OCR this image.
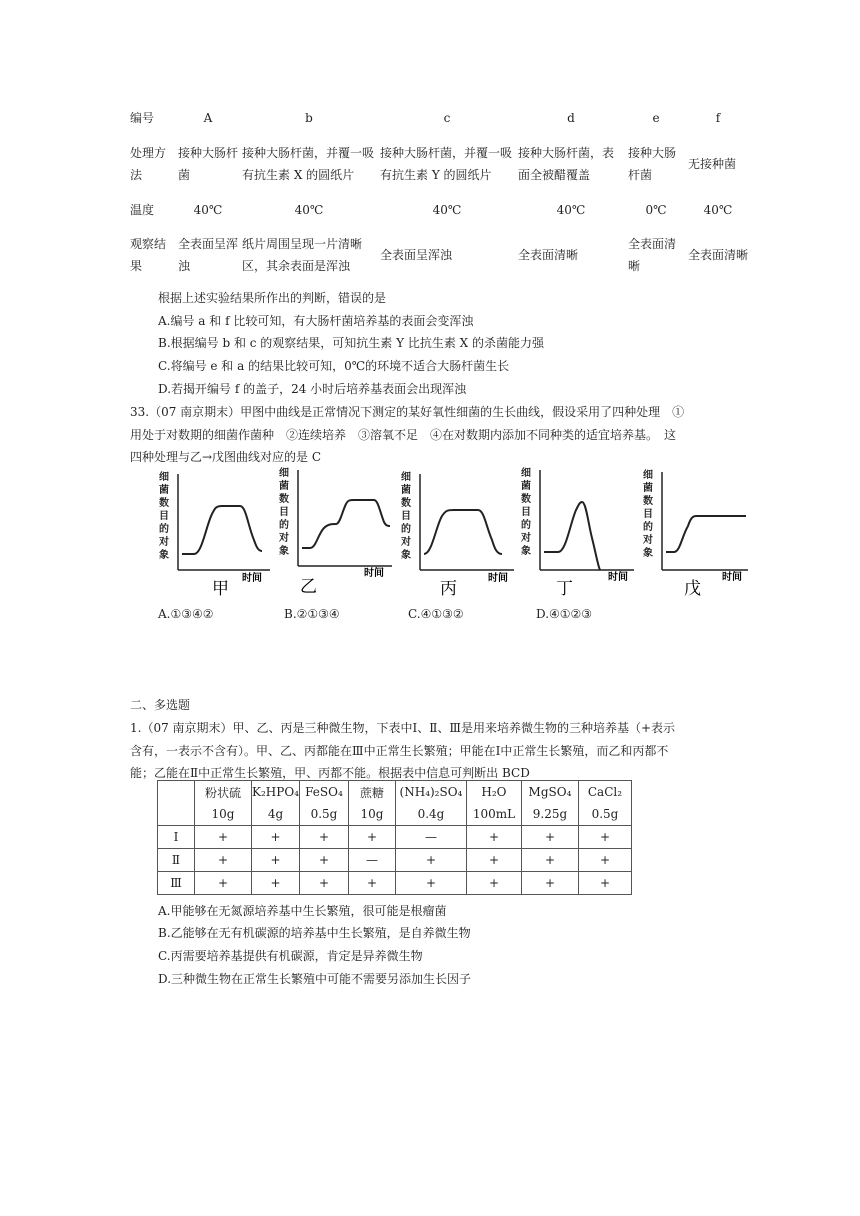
编号	A	b	c	d	e	f
处理方法	接种大肠杆菌	接种大肠杆菌，并覆一吸有抗生素 X 的圆纸片	接种大肠杆菌，并覆一吸有抗生素 Y 的圆纸片	接种大肠杆菌，表面全被醋覆盖	接种大肠杆菌	无接种菌
温度	40℃	40℃	40℃	40℃	0℃	40℃
观察结果	全表面呈浑浊	纸片周围呈现一片清晰区，其余表面是浑浊	全表面呈浑浊	全表面清晰	全表面清晰	全表面清晰
根据上述实验结果所作出的判断，错误的是
A.编号 a 和 f 比较可知，有大肠杆菌培养基的表面会变浑浊
B.根据编号 b 和 c 的观察结果，可知抗生素 Y 比抗生素 X 的杀菌能力强
C.将编号 e 和 a 的结果比较可知，0℃的环境不适合大肠杆菌生长
D.若揭开编号 f 的盖子，24 小时后培养基表面会出现浑浊
33.（07 南京期末）甲图中曲线是正常情况下测定的某好氧性细菌的生长曲线，假设采用了四种处理　①
用处于对数期的细菌作菌种　②连续培养　③溶氧不足　④在对数期内添加不同种类的适宜培养基。　这
四种处理与乙→戊图曲线对应的是 C
细
菌
数
目
的
对
象
时间
甲
细
菌
数
目
的
对
象
时间
乙
细
菌
数
目
的
对
象
时间
丙
细
菌
数
目
的
对
象
时间
丁
细
菌
数
目
的
对
象
时间
戊
A.①③④②	B.②①③④	C.④①③②	D.④①②③
二、多选题
1.（07 南京期末）甲、乙、丙是三种微生物，下表中Ⅰ、Ⅱ、Ⅲ是用来培养微生物的三种培养基（+表示
含有，一表示不含有）。甲、乙、丙都能在Ⅲ中正常生长繁殖；甲能在Ⅰ中正常生长繁殖，而乙和丙都不
能；乙能在Ⅱ中正常生长繁殖，甲、丙都不能。根据表中信息可判断出 BCD
	粉状硫	K₂HPO₄	FeSO₄	蔗糖	(NH₄)₂SO₄	H₂O	MgSO₄	CaCl₂
	10g	4g	0.5g	10g	0.4g	100mL	9.25g	0.5g
Ⅰ	+	+	+	+	—	+	+	+
Ⅱ	+	+	+	—	+	+	+	+
Ⅲ	+	+	+	+	+	+	+	+
A.甲能够在无氮源培养基中生长繁殖，很可能是根瘤菌
B.乙能够在无有机碳源的培养基中生长繁殖，是自养微生物
C.丙需要培养基提供有机碳源，肯定是异养微生物
D.三种微生物在正常生长繁殖中可能不需要另添加生长因子
